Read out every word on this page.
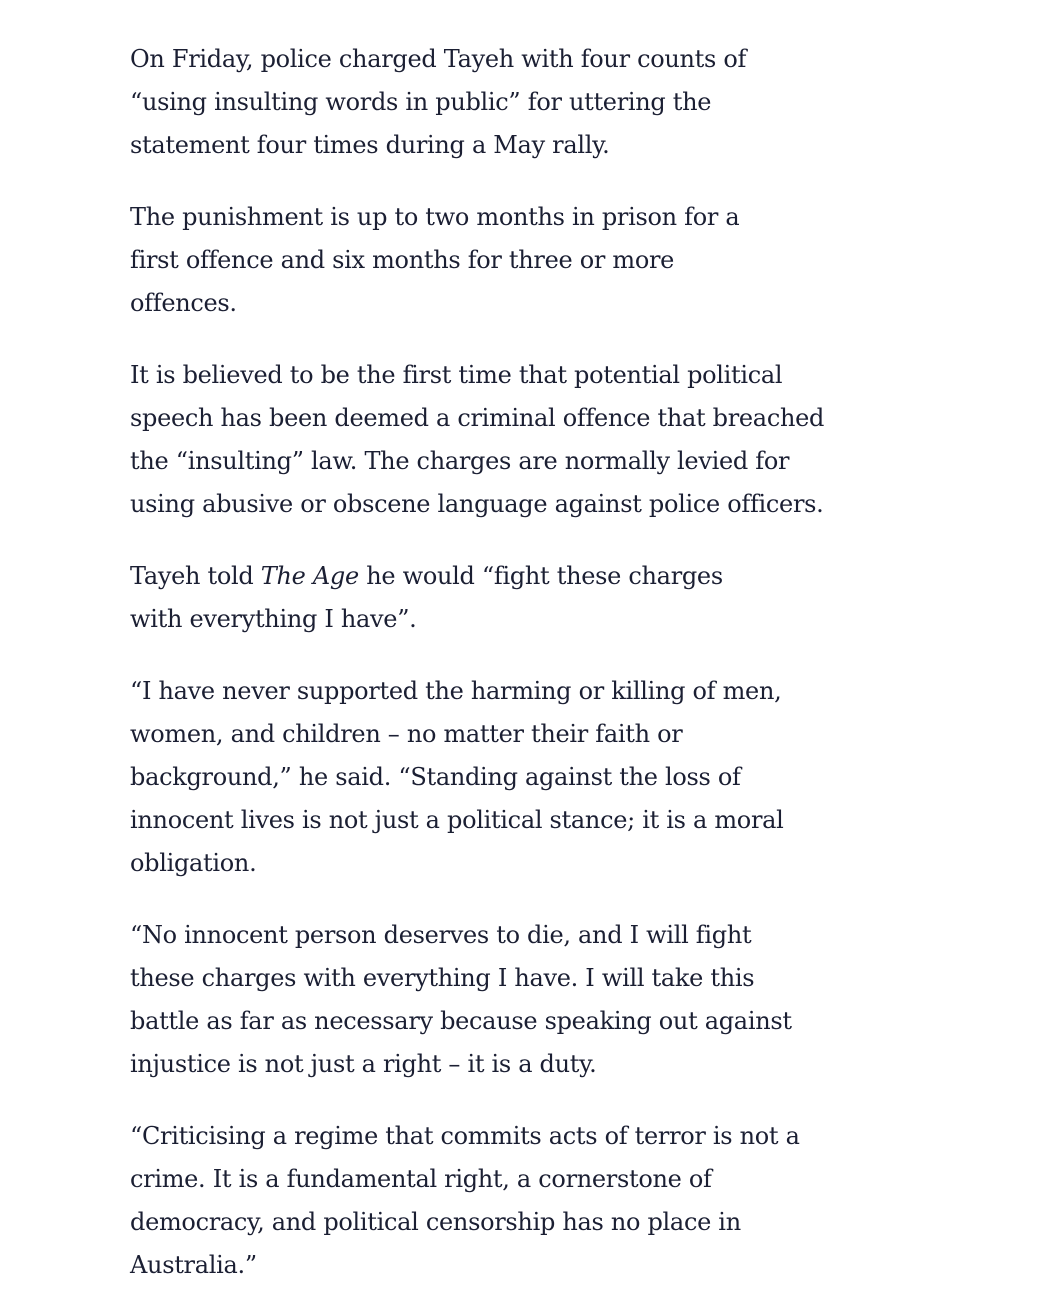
On Friday, police charged Tayeh with four counts of “using insulting words in public” for uttering the statement four times during a May rally.

The punishment is up to two months in prison for a first offence and six months for three or more offences.

It is believed to be the first time that potential political speech has been deemed a criminal offence that breached the “insulting” law. The charges are normally levied for using abusive or obscene language against police officers.

Tayeh told The Age he would “fight these charges with everything I have”.

“I have never supported the harming or killing of men, women, and children – no matter their faith or background,” he said. “Standing against the loss of innocent lives is not just a political stance; it is a moral obligation.

“No innocent person deserves to die, and I will fight these charges with everything I have. I will take this battle as far as necessary because speaking out against injustice is not just a right – it is a duty.

“Criticising a regime that commits acts of terror is not a crime. It is a fundamental right, a cornerstone of democracy, and political censorship has no place in Australia.”
